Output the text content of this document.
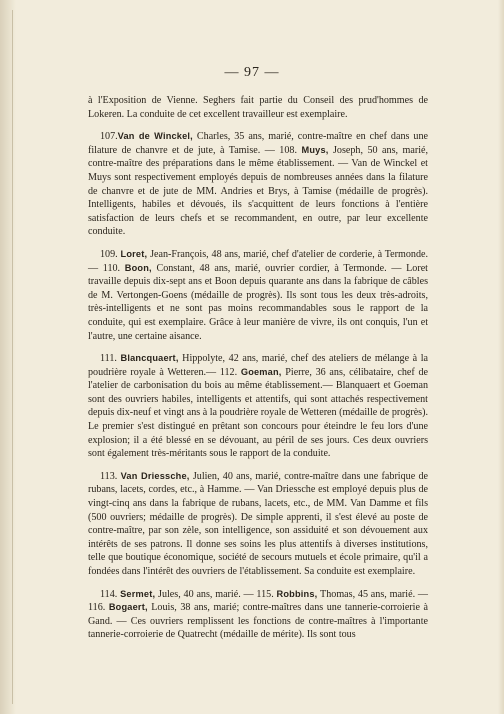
— 97 —

à l'Exposition de Vienne. Seghers fait partie du Conseil des prud'hommes de Lokeren. La conduite de cet excellent travailleur est exemplaire.

107.Van de Winckel, Charles, 35 ans, marié, contre-maître en chef dans une filature de chanvre et de jute, à Tamise. — 108. Muys, Joseph, 50 ans, marié, contre-maître des préparations dans le même établissement. — Van de Winckel et Muys sont respectivement employés depuis de nombreuses années dans la filature de chanvre et de jute de MM. Andries et Brys, à Tamise (médaille de progrès). Intelligents, habiles et dévoués, ils s'acquittent de leurs fonctions à l'entière satisfaction de leurs chefs et se recommandent, en outre, par leur excellente conduite.

109. Loret, Jean-François, 48 ans, marié, chef d'atelier de corderie, à Termonde. — 110. Boon, Constant, 48 ans, marié, ouvrier cordier, à Termonde. — Loret travaille depuis dix-sept ans et Boon depuis quarante ans dans la fabrique de câbles de M. Vertongen-Goens (médaille de progrès). Ils sont tous les deux très-adroits, très-intelligents et ne sont pas moins recommandables sous le rapport de la conduite, qui est exemplaire. Grâce à leur manière de vivre, ils ont conquis, l'un et l'autre, une certaine aisance.

111. Blancquaert, Hippolyte, 42 ans, marié, chef des ateliers de mélange à la poudrière royale à Wetteren.— 112. Goeman, Pierre, 36 ans, célibataire, chef de l'atelier de carbonisation du bois au même établissement.— Blanquaert et Goeman sont des ouvriers habiles, intelligents et attentifs, qui sont attachés respectivement depuis dix-neuf et vingt ans à la poudrière royale de Wetteren (médaille de progrès). Le premier s'est distingué en prêtant son concours pour éteindre le feu lors d'une explosion; il a été blessé en se dévouant, au péril de ses jours. Ces deux ouvriers sont également très-méritants sous le rapport de la conduite.

113. Van Driessche, Julien, 40 ans, marié, contre-maître dans une fabrique de rubans, lacets, cordes, etc., à Hamme. — Van Driessche est employé depuis plus de vingt-cinq ans dans la fabrique de rubans, lacets, etc., de MM. Van Damme et fils (500 ouvriers; médaille de progrès). De simple apprenti, il s'est élevé au poste de contre-maître, par son zèle, son intelligence, son assiduité et son dévouement aux intérêts de ses patrons. Il donne ses soins les plus attentifs à diverses institutions, telle que boutique économique, société de secours mutuels et école primaire, qu'il a fondées dans l'intérêt des ouvriers de l'établissement. Sa conduite est exemplaire.

114. Sermet, Jules, 40 ans, marié. — 115. Robbins, Thomas, 45 ans, marié. — 116. Bogaert, Louis, 38 ans, marié; contre-maîtres dans une tannerie-corroierie à Gand. — Ces ouvriers remplissent les fonctions de contre-maîtres à l'importante tannerie-corroierie de Quatrecht (médaille de mérite). Ils sont tous
